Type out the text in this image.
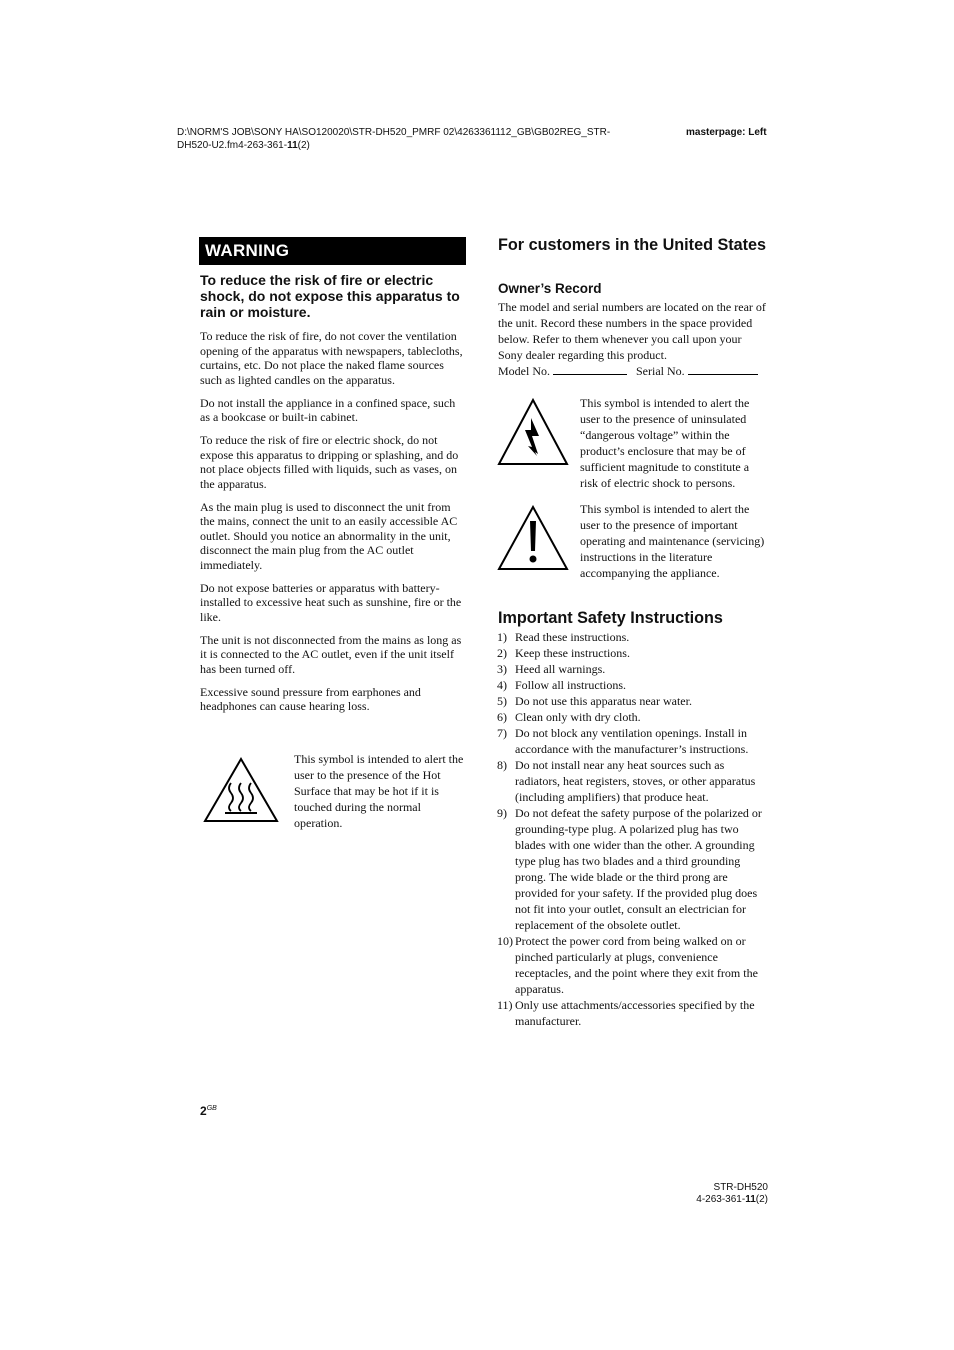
D:\NORM'S JOB\SONY HA\SO120020\STR-DH520_PMRF 02\4263361112_GB\GB02REG_STR-
DH520-U2.fm4-263-361-11(2)
masterpage: Left
WARNING
To reduce the risk of fire or electric shock, do not expose this apparatus to rain or moisture.

To reduce the risk of fire, do not cover the ventilation opening of the apparatus with newspapers, tablecloths, curtains, etc. Do not place the naked flame sources such as lighted candles on the apparatus.

Do not install the appliance in a confined space, such as a bookcase or built-in cabinet.

To reduce the risk of fire or electric shock, do not expose this apparatus to dripping or splashing, and do not place objects filled with liquids, such as vases, on the apparatus.

As the main plug is used to disconnect the unit from the mains, connect the unit to an easily accessible AC outlet. Should you notice an abnormality in the unit, disconnect the main plug from the AC outlet immediately.

Do not expose batteries or apparatus with battery-installed to excessive heat such as sunshine, fire or the like.

The unit is not disconnected from the mains as long as it is connected to the AC outlet, even if the unit itself has been turned off.

Excessive sound pressure from earphones and headphones can cause hearing loss.

This symbol is intended to alert the user to the presence of the Hot Surface that may be hot if it is touched during the normal operation.
For customers in the United States
Owner’s Record
The model and serial numbers are located on the rear of the unit. Record these numbers in the space provided below. Refer to them whenever you call upon your Sony dealer regarding this product.
Model No.	Serial No.
This symbol is intended to alert the user to the presence of uninsulated “dangerous voltage” within the product’s enclosure that may be of sufficient magnitude to constitute a risk of electric shock to persons.
This symbol is intended to alert the user to the presence of important operating and maintenance (servicing) instructions in the literature accompanying the appliance.
Important Safety Instructions
1) Read these instructions.
2) Keep these instructions.
3) Heed all warnings.
4) Follow all instructions.
5) Do not use this apparatus near water.
6) Clean only with dry cloth.
7) Do not block any ventilation openings. Install in accordance with the manufacturer’s instructions.
8) Do not install near any heat sources such as radiators, heat registers, stoves, or other apparatus (including amplifiers) that produce heat.
9) Do not defeat the safety purpose of the polarized or grounding-type plug. A polarized plug has two blades with one wider than the other. A grounding type plug has two blades and a third grounding prong. The wide blade or the third prong are provided for your safety. If the provided plug does not fit into your outlet, consult an electrician for replacement of the obsolete outlet.
10) Protect the power cord from being walked on or pinched particularly at plugs, convenience receptacles, and the point where they exit from the apparatus.
11) Only use attachments/accessories specified by the manufacturer.
$2^{GB}$
STR-DH520
4-263-361-11(2)
